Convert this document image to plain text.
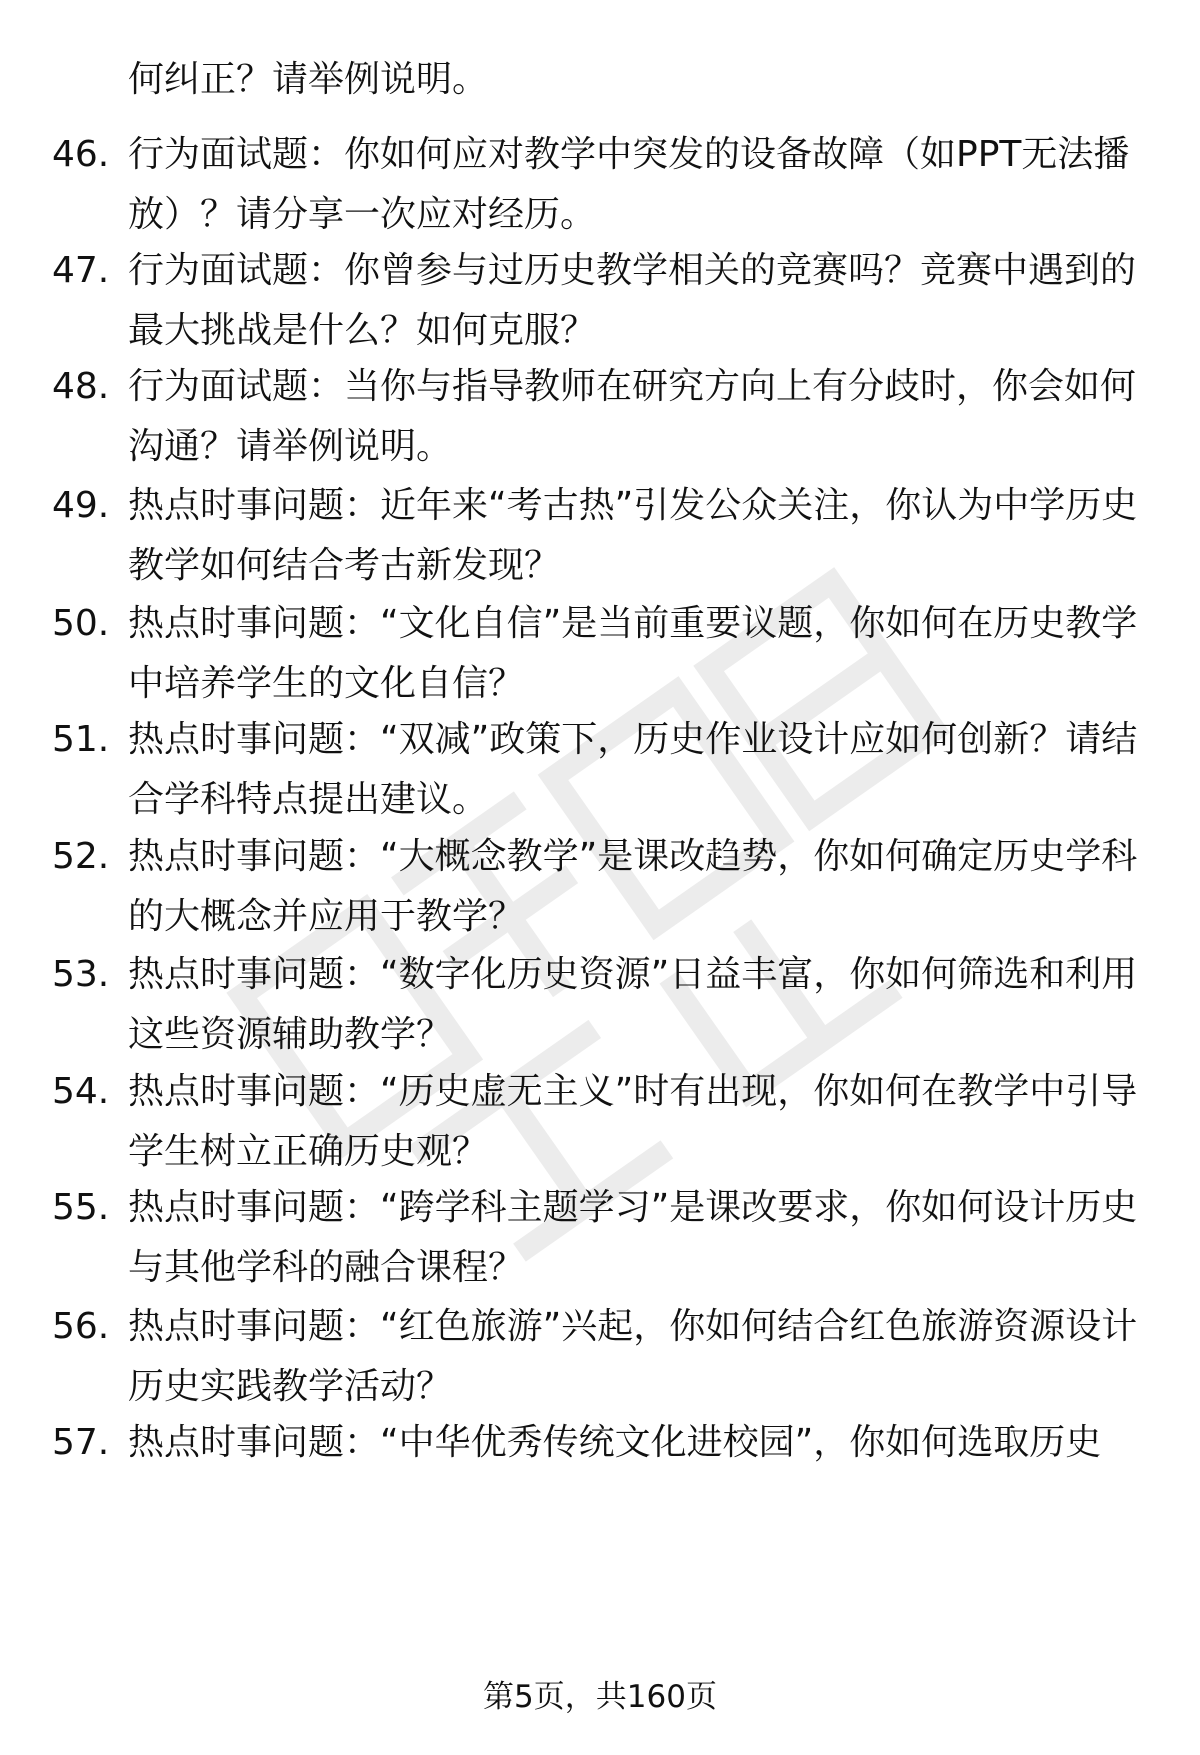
何纠正？请举例说明。

46. 行为面试题：你如何应对教学中突发的设备故障（如PPT无法播放）？请分享一次应对经历。

47. 行为面试题：你曾参与过历史教学相关的竞赛吗？竞赛中遇到的最大挑战是什么？如何克服？

48. 行为面试题：当你与指导教师在研究方向上有分歧时，你会如何沟通？请举例说明。

49. 热点时事问题：近年来“考古热”引发公众关注，你认为中学历史教学如何结合考古新发现？

50. 热点时事问题：“文化自信”是当前重要议题，你如何在历史教学中培养学生的文化自信？

51. 热点时事问题：“双减”政策下，历史作业设计应如何创新？请结合学科特点提出建议。

52. 热点时事问题：“大概念教学”是课改趋势，你如何确定历史学科的大概念并应用于教学？

53. 热点时事问题：“数字化历史资源”日益丰富，你如何筛选和利用这些资源辅助教学？

54. 热点时事问题：“历史虚无主义”时有出现，你如何在教学中引导学生树立正确历史观？

55. 热点时事问题：“跨学科主题学习”是课改要求，你如何设计历史与其他学科的融合课程？

56. 热点时事问题：“红色旅游”兴起，你如何结合红色旅游资源设计历史实践教学活动？

57. 热点时事问题：“中华优秀传统文化进校园”，你如何选取历史

第5页，共160页
